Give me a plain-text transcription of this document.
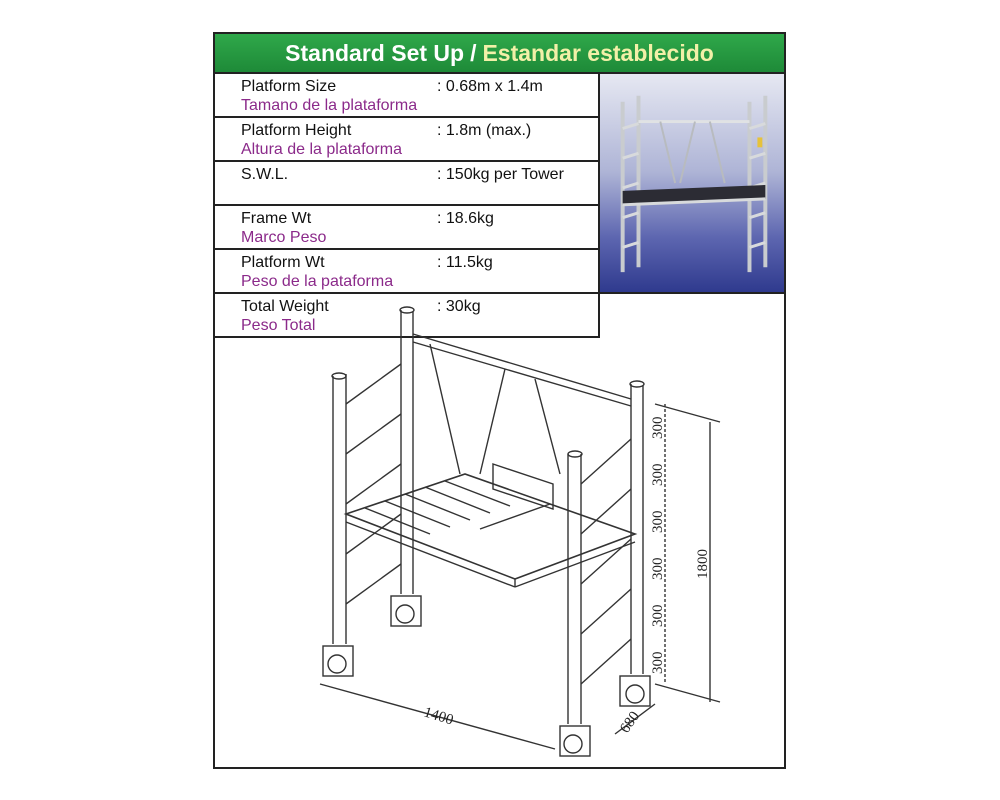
Standard Set Up / Estandar establecido
Platform Size
Tamano de la plataforma
: 0.68m x 1.4m
Platform Height
Altura de la plataforma
: 1.8m (max.)
S.W.L.	: 150kg per Tower
Frame Wt
Marco Peso
: 18.6kg
Platform Wt
Peso de la pataforma
: 11.5kg
Total Weight
Peso Total
: 30kg
300
300
300
300
300
300
1800
1400	680
